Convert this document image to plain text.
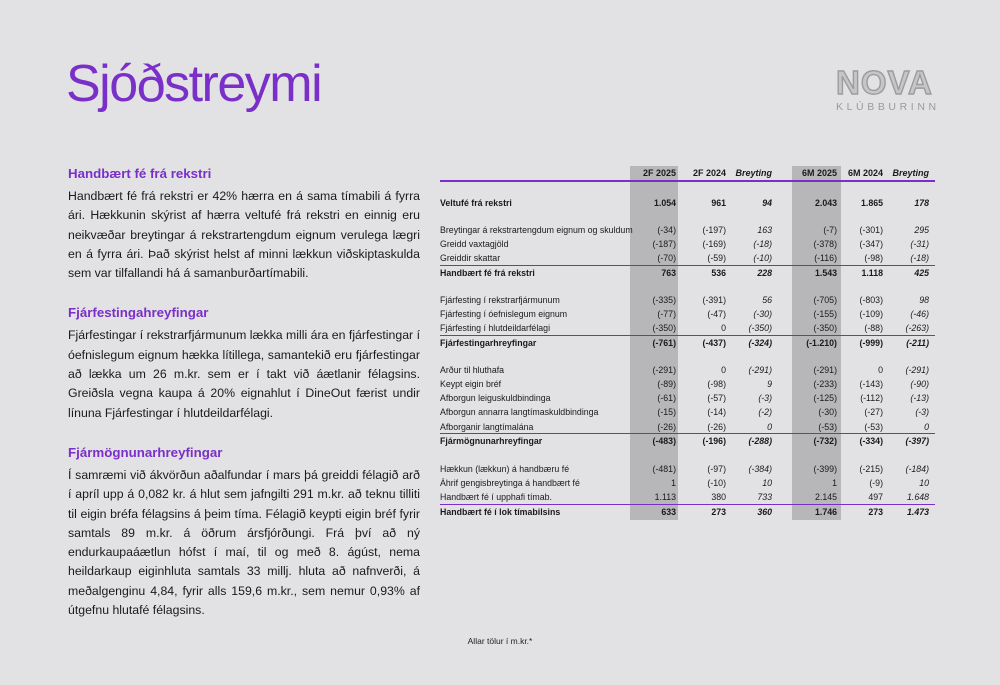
Sjóðstreymi	NOVA
KLÚBBURINN
Handbært fé frá rekstri
Handbært fé frá rekstri er 42% hærra en á sama tímabili á fyrra ári. Hækkunin skýrist af hærra veltufé frá rekstri en einnig eru neikvæðar breytingar á rekstrartengdum eignum verulega lægri en á fyrra ári. Það skýrist helst af minni lækkun viðskiptaskulda sem var tilfallandi há á samanburðartímabili.
Fjárfestingahreyfingar
Fjárfestingar í rekstrarfjármunum lækka milli ára en fjárfestingar í óefnislegum eignum hækka lítillega, samantekið eru fjárfestingar að lækka um 26 m.kr. sem er í takt við áætlanir félagsins. Greiðsla vegna kaupa á 20% eignahlut í DineOut færist undir línuna Fjárfestingar í hlutdeildarfélagi.
Fjármögnunarhreyfingar
Í samræmi við ákvörðun aðalfundar í mars þá greiddi félagið arð í apríl upp á 0,082 kr. á hlut sem jafngilti 291 m.kr. að teknu tilliti til eigin bréfa félagsins á þeim tíma. Félagið keypti eigin bréf fyrir samtals 89 m.kr. á öðrum ársfjórðungi. Frá því að ný endurkaupaáætlun hófst í maí, til og með 8. ágúst, nema heildarkaup eiginhluta samtals 33 millj. hluta að nafnverði, á meðalgenginu 4,84, fyrir alls 159,6 m.kr., sem nemur 0,93% af útgefnu hlutafé félagsins.
2F 2025	2F 2024	Breyting	6M 2025	6M 2024	Breyting
Veltufé frá rekstri	1.054	961	94	2.043	1.865	178
Breytingar á rekstrartengdum eignum og skuldum	(-34)	(-197)	163	(-7)	(-301)	295
Greidd vaxtagjöld	(-187)	(-169)	(-18)	(-378)	(-347)	(-31)
Greiddir skattar	(-70)	(-59)	(-10)	(-116)	(-98)	(-18)
Handbært fé frá rekstri	763	536	228	1.543	1.118	425
Fjárfesting í rekstrarfjármunum	(-335)	(-391)	56	(-705)	(-803)	98
Fjárfesting í óefnislegum eignum	(-77)	(-47)	(-30)	(-155)	(-109)	(-46)
Fjárfesting í hlutdeildarfélagi	(-350)	0	(-350)	(-350)	(-88)	(-263)
Fjárfestingarhreyfingar	(-761)	(-437)	(-324)	(-1.210)	(-999)	(-211)
Arður til hluthafa	(-291)	0	(-291)	(-291)	0	(-291)
Keypt eigin bréf	(-89)	(-98)	9	(-233)	(-143)	(-90)
Afborgun leiguskuldbindinga	(-61)	(-57)	(-3)	(-125)	(-112)	(-13)
Afborgun annarra langtímaskuldbindinga	(-15)	(-14)	(-2)	(-30)	(-27)	(-3)
Afborganir langtímalána	(-26)	(-26)	0	(-53)	(-53)	0
Fjármögnunarhreyfingar	(-483)	(-196)	(-288)	(-732)	(-334)	(-397)
Hækkun (lækkun) á handbæru fé	(-481)	(-97)	(-384)	(-399)	(-215)	(-184)
Áhrif gengisbreytinga á handbært fé	1	(-10)	10	1	(-9)	10
Handbært fé í upphafi tímab.	1.113	380	733	2.145	497	1.648
Handbært fé í lok tímabilsins	633	273	360	1.746	273	1.473
Allar tölur í m.kr.*
